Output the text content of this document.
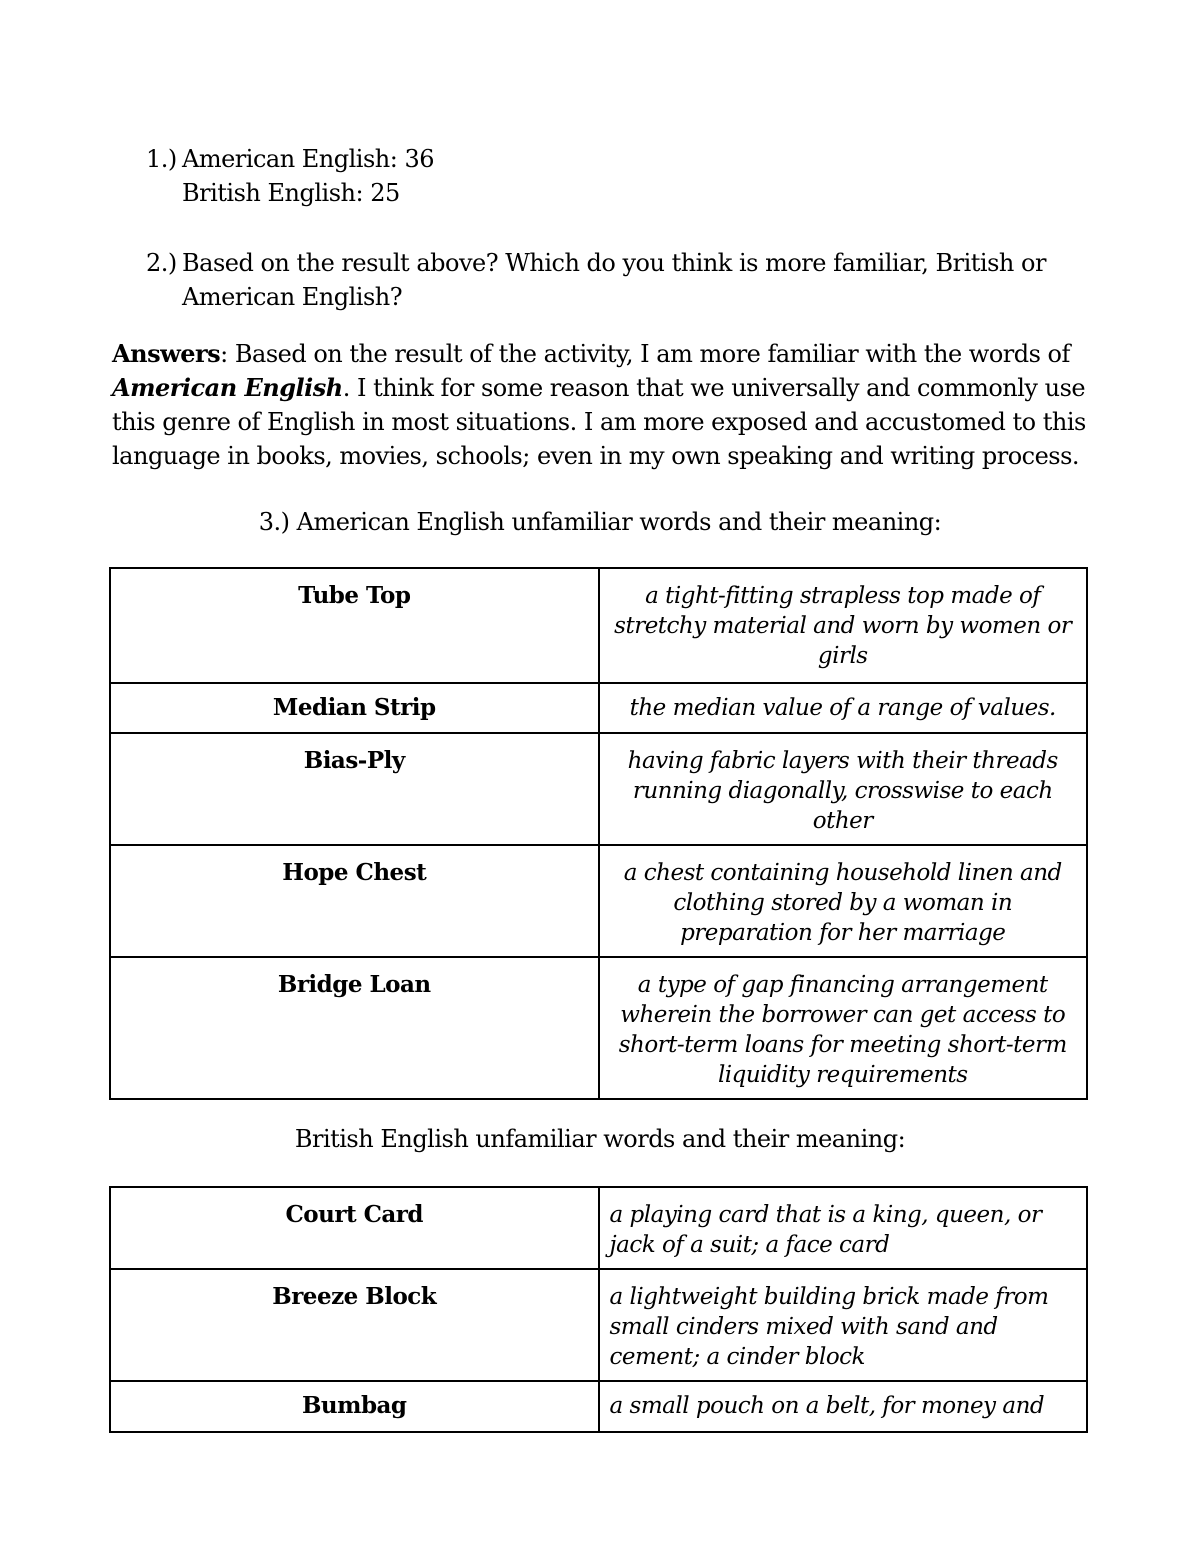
1.) American English: 36
British English: 25
2.) Based on the result above? Which do you think is more familiar, British or
American English?
Answers: Based on the result of the activity, I am more familiar with the words of American English. I think for some reason that we universally and commonly use this genre of English in most situations. I am more exposed and accustomed to this language in books, movies, schools; even in my own speaking and writing process.
3.) American English unfamiliar words and their meaning:
Tube Top	a tight-fitting strapless top made of stretchy material and worn by women or girls
Median Strip	the median value of a range of values.
Bias-Ply	having fabric layers with their threads running diagonally, crosswise to each other
Hope Chest	a chest containing household linen and clothing stored by a woman in preparation for her marriage
Bridge Loan	a type of gap financing arrangement wherein the borrower can get access to short-term loans for meeting short-term liquidity requirements
British English unfamiliar words and their meaning:
Court Card	a playing card that is a king, queen, or jack of a suit; a face card
Breeze Block	a lightweight building brick made from small cinders mixed with sand and cement; a cinder block
Bumbag	a small pouch on a belt, for money and
